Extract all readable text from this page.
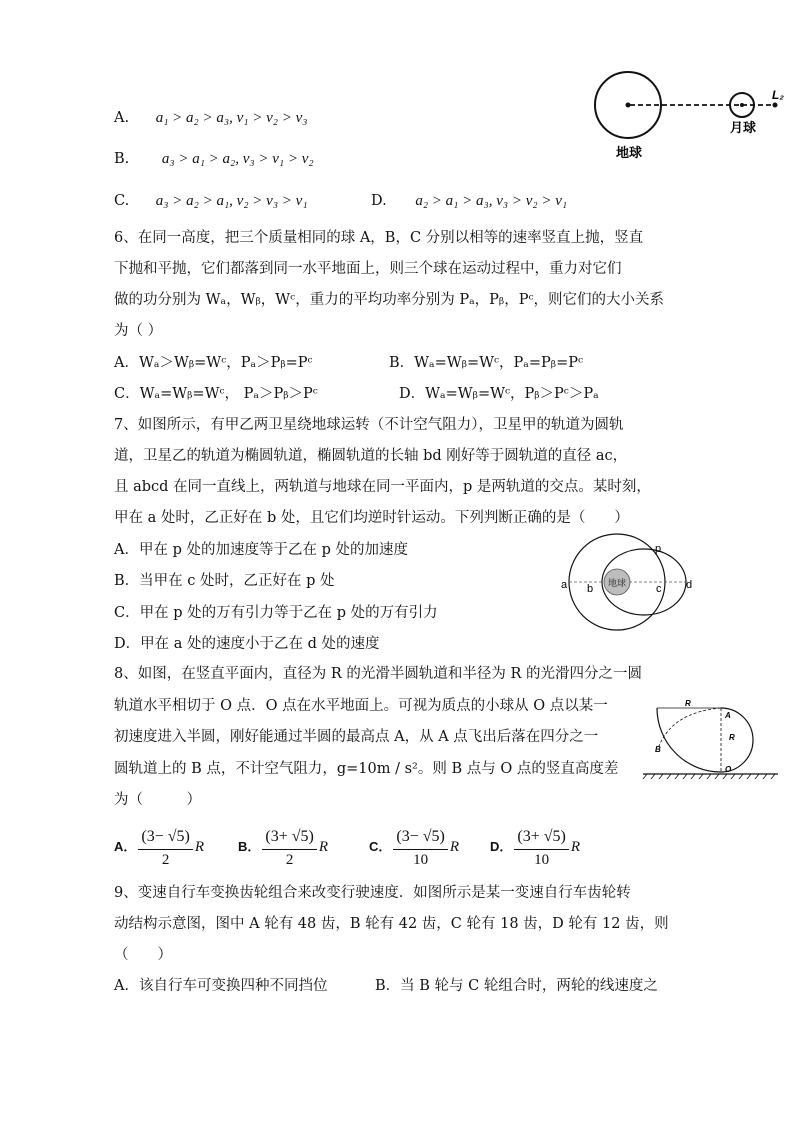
A. a₁ > a₂ > a₃, v₁ > v₂ > v₃
B. a₃ > a₁ > a₂, v₃ > v₁ > v₂
C. a₃ > a₂ > a₁, v₂ > v₃ > v₁	D. a₂ > a₁ > a₃, v₃ > v₂ > v₁
地球
月球
L₂
6、在同一高度，把三个质量相同的球 A，B，C 分别以相等的速率竖直上抛，竖直
下抛和平抛，它们都落到同一水平地面上，则三个球在运动过程中，重力对它们
做的功分别为 Wₐ，Wᵦ，Wᶜ，重力的平均功率分别为 Pₐ，Pᵦ，Pᶜ，则它们的大小关系
为（ ）
A．Wₐ＞Wᵦ=Wᶜ，Pₐ＞Pᵦ=Pᶜ	B．Wₐ=Wᵦ=Wᶜ，Pₐ=Pᵦ=Pᶜ
C．Wₐ=Wᵦ=Wᶜ， Pₐ＞Pᵦ＞Pᶜ	D．Wₐ=Wᵦ=Wᶜ，Pᵦ＞Pᶜ＞Pₐ
7、如图所示，有甲乙两卫星绕地球运转（不计空气阻力），卫星甲的轨道为圆轨
道，卫星乙的轨道为椭圆轨道，椭圆轨道的长轴 bd 刚好等于圆轨道的直径 ac，
且 abcd 在同一直线上，两轨道与地球在同一平面内，p 是两轨道的交点。某时刻，
甲在 a 处时，乙正好在 b 处，且它们均逆时针运动。下列判断正确的是（　　）
A．甲在 p 处的加速度等于乙在 p 处的加速度
B．当甲在 c 处时，乙正好在 p 处
C．甲在 p 处的万有引力等于乙在 p 处的万有引力
D．甲在 a 处的速度小于乙在 d 处的速度
地球
a b	c d
p
8、如图，在竖直平面内，直径为 R 的光滑半圆轨道和半径为 R 的光滑四分之一圆
轨道水平相切于 O 点．O 点在水平地面上。可视为质点的小球从 O 点以某一
初速度进入半圆，刚好能通过半圆的最高点 A，从 A 点飞出后落在四分之一
圆轨道上的 B 点，不计空气阻力，g=10m / s²。则 B 点与 O 点的竖直高度差
为（　　　）
R
A
R
B
O
A． $\frac{(3- √5)}{2}$ R	B． $\frac{(3+ √5)}{2}$ R	C． $\frac{(3- √5)}{10}$ R D． $\frac{(3+ √5)}{10}$ R
9、变速自行车变换齿轮组合来改变行驶速度．如图所示是某一变速自行车齿轮转
动结构示意图，图中 A 轮有 48 齿，B 轮有 42 齿，C 轮有 18 齿，D 轮有 12 齿，则
（　　）
A．该自行车可变换四种不同挡位	B．当 B 轮与 C 轮组合时，两轮的线速度之
